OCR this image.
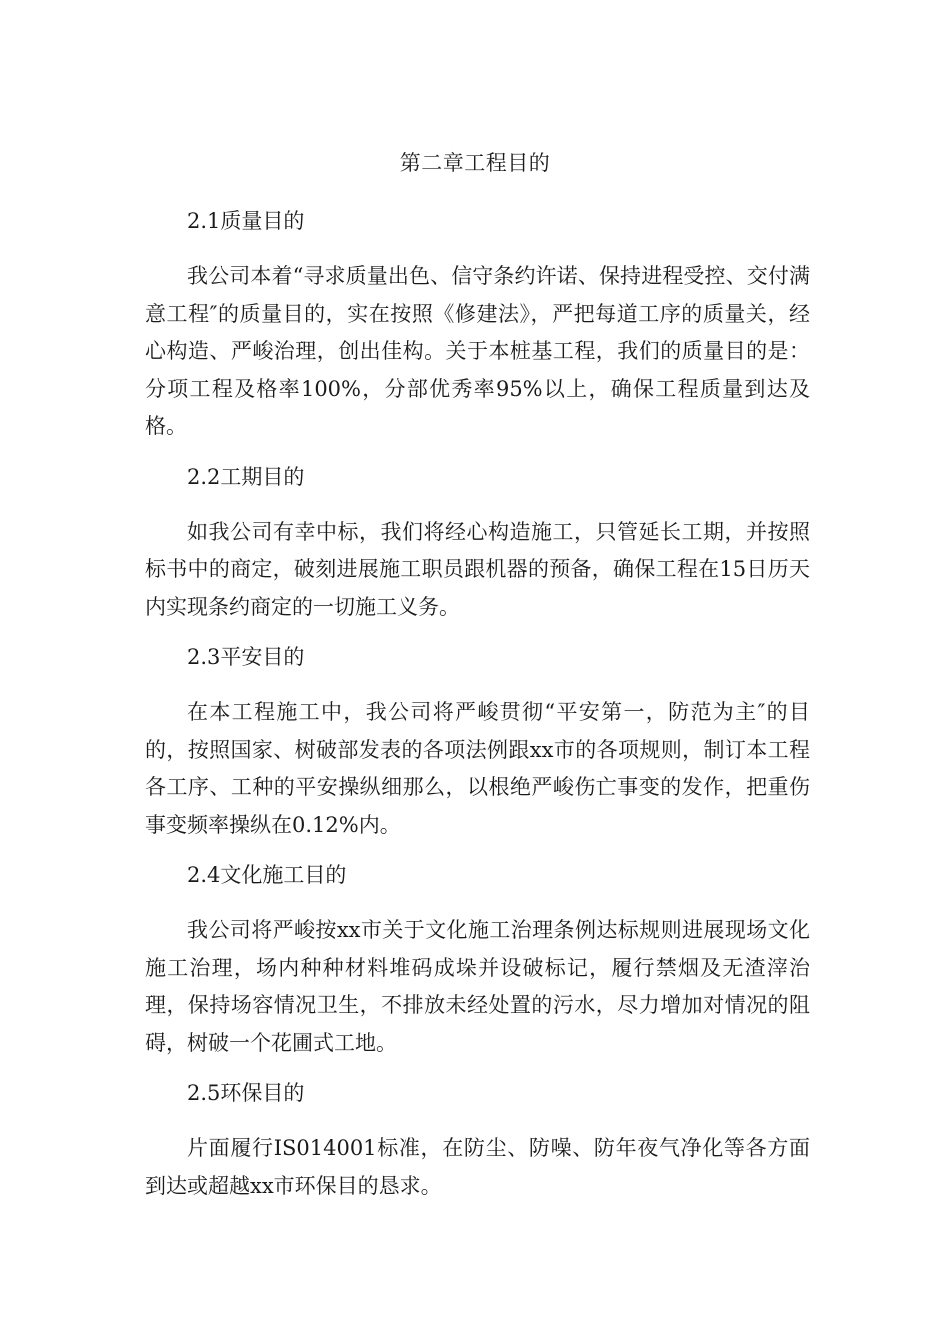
第二章工程目的
2.1质量目的
我公司本着“寻求质量出色、信守条约许诺、保持进程受控、交付满意工程″的质量目的，实在按照《修建法》，严把每道工序的质量关，经心构造、严峻治理，创出佳构。关于本桩基工程，我们的质量目的是：分项工程及格率100%，分部优秀率95%以上，确保工程质量到达及格。
2.2工期目的
如我公司有幸中标，我们将经心构造施工，只管延长工期，并按照标书中的商定，破刻进展施工职员跟机器的预备，确保工程在15日历天内实现条约商定的一切施工义务。
2.3平安目的
在本工程施工中，我公司将严峻贯彻“平安第一，防范为主″的目的，按照国家、树破部发表的各项法例跟xx市的各项规则，制订本工程各工序、工种的平安操纵细那么，以根绝严峻伤亡事变的发作，把重伤事变频率操纵在0.12%内。
2.4文化施工目的
我公司将严峻按xx市关于文化施工治理条例达标规则进展现场文化施工治理，场内种种材料堆码成垛并设破标记，履行禁烟及无渣滓治理，保持场容情况卫生，不排放未经处置的污水，尽力增加对情况的阻碍，树破一个花圃式工地。
2.5环保目的
片面履行IS014001标准，在防尘、防噪、防年夜气净化等各方面到达或超越xx市环保目的恳求。
